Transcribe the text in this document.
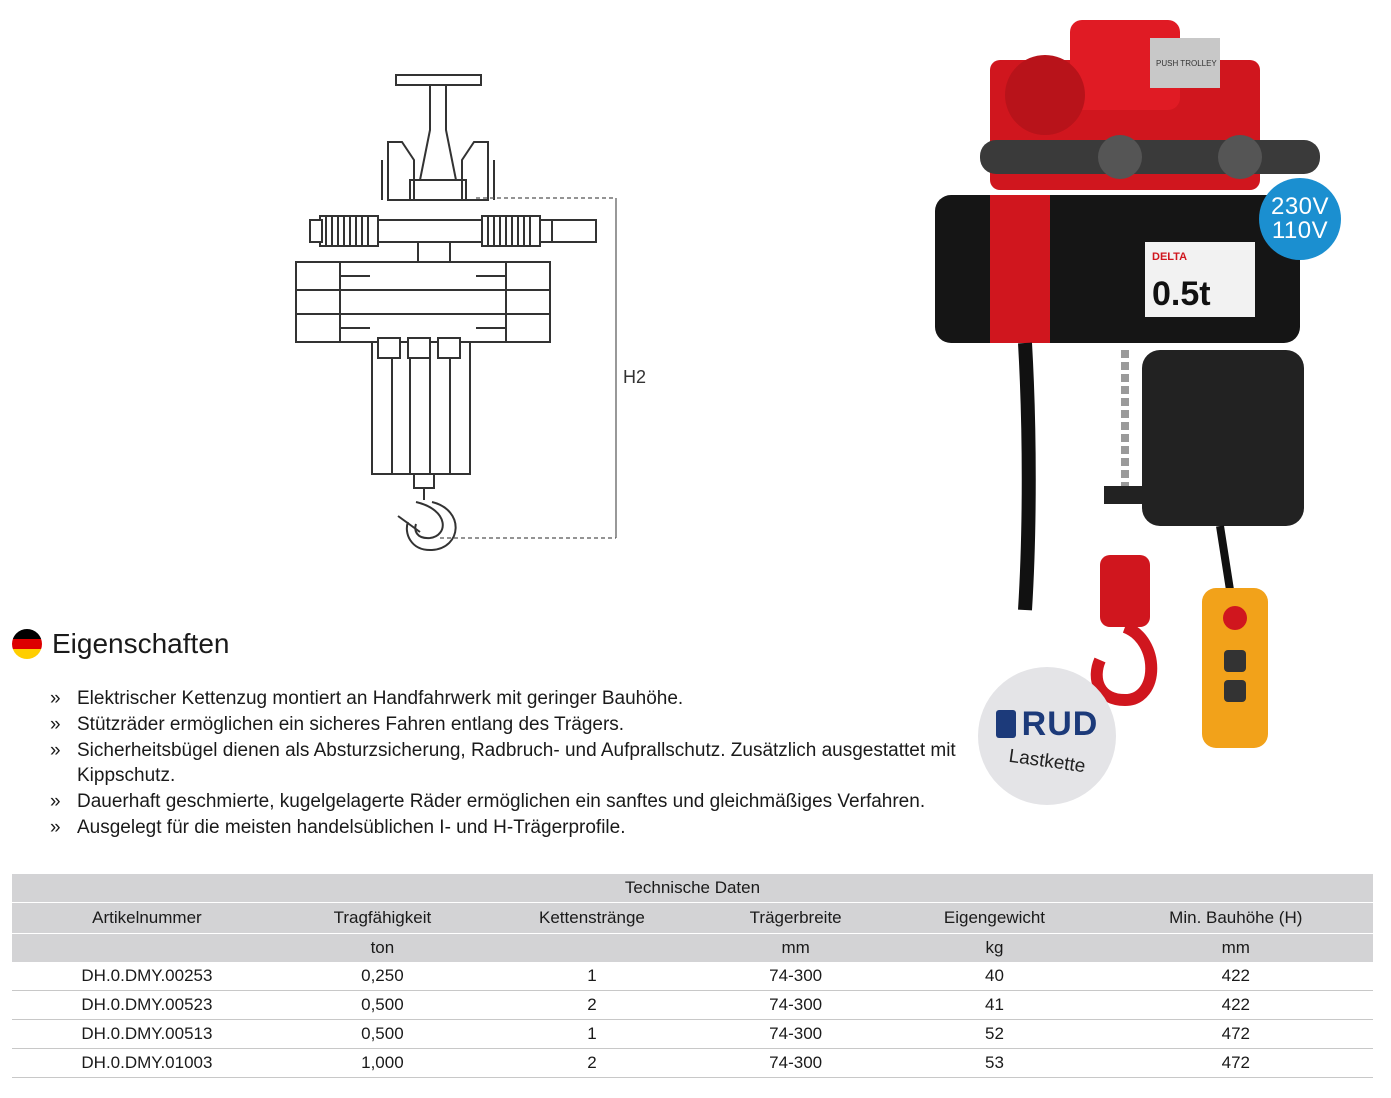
H2
PUSH TROLLEY
DELTA
0.5t
230V
110V
RUD
Lastkette
Eigenschaften
» Elektrischer Kettenzug montiert an Handfahrwerk mit geringer Bauhöhe.
» Stützräder ermöglichen ein sicheres Fahren entlang des Trägers.
» Sicherheitsbügel dienen als Absturzsicherung, Radbruch- und Aufprallschutz. Zusätzlich ausgestattet mit Kippschutz.
» Dauerhaft geschmierte, kugelgelagerte Räder ermöglichen ein sanftes und gleichmäßiges Verfahren.
» Ausgelegt für die meisten handelsüblichen I- und H-Trägerprofile.
Technische Daten					
Artikelnummer	Tragfähigkeit	Kettenstränge	Trägerbreite	Eigengewicht	Min. Bauhöhe (H)
	ton		mm	kg	mm
DH.0.DMY.00253	0,250	1	74-300	40	422
DH.0.DMY.00523	0,500	2	74-300	41	422
DH.0.DMY.00513	0,500	1	74-300	52	472
DH.0.DMY.01003	1,000	2	74-300	53	472
